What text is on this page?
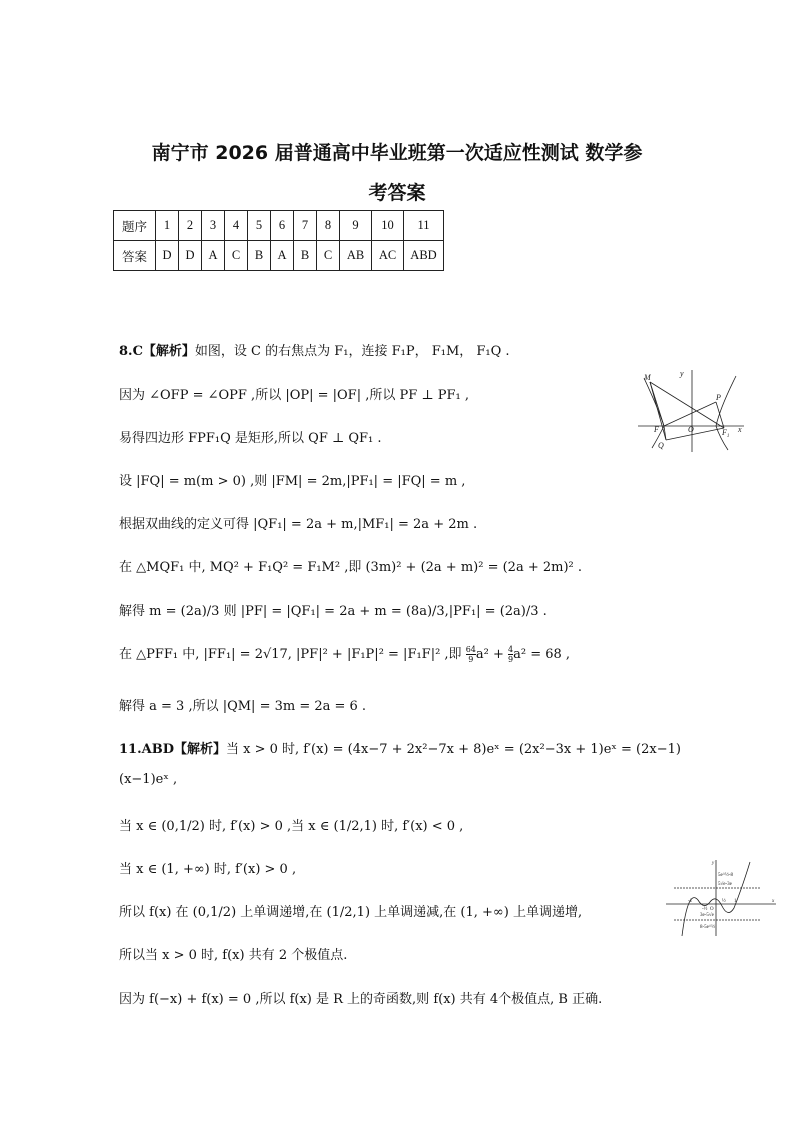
南宁市 2026 届普通高中毕业班第一次适应性测试 数学参
考答案
题序	1	2	3	4	5	6	7	8	9	10	11
答案	D	D	A	C	B	A	B	C	AB	AC	ABD
8.C【解析】如图，设 C 的右焦点为 F₁，连接 F₁P， F₁M， F₁Q .
因为 ∠OFP = ∠OPF ,所以 |OP| = |OF| ,所以 PF ⊥ PF₁ ,
易得四边形 FPF₁Q 是矩形,所以 QF ⊥ QF₁ .
设 |FQ| = m(m > 0) ,则 |FM| = 2m,|PF₁| = |FQ| = m ,
根据双曲线的定义可得 |QF₁| = 2a + m,|MF₁| = 2a + 2m .
在 △MQF₁ 中, MQ² + F₁Q² = F₁M² ,即 (3m)² + (2a + m)² = (2a + 2m)² .
解得 m = (2a)/3 则 |PF| = |QF₁| = 2a + m = (8a)/3,|PF₁| = (2a)/3 .
在 △PFF₁ 中, |FF₁| = 2√17, |PF|² + |F₁P|² = |F₁F|² ,即 $\frac{64}{9} a^2 + \frac{4}{9} a^2 = 68$ ,
解得 a = 3 ,所以 |QM| = 3m = 2a = 6 .
11.ABD【解析】当 x > 0 时, f′(x) = (4x−7 + 2x²−7x + 8)eˣ = (2x²−3x + 1)eˣ = (2x−1)
(x−1)eˣ ,
当 x ∈ (0,1/2) 时, f′(x) > 0 ,当 x ∈ (1/2,1) 时, f′(x) < 0 ,
当 x ∈ (1, +∞) 时, f′(x) > 0 ,
所以 f(x) 在 (0,1/2) 上单调递增,在 (1/2,1) 上单调递减,在 (1, +∞) 上单调递增,
所以当 x > 0 时, f(x) 共有 2 个极值点.
因为 f(−x) + f(x) = 0 ,所以 f(x) 是 R 上的奇函数,则 f(x) 共有 4个极值点, B 正确.
M	y
P
F	O	$F_1$
x
Q
y
x
5e^½-8
5√e-3e
3e-5√e
8-5e^½
-1
O
1
-½
½
